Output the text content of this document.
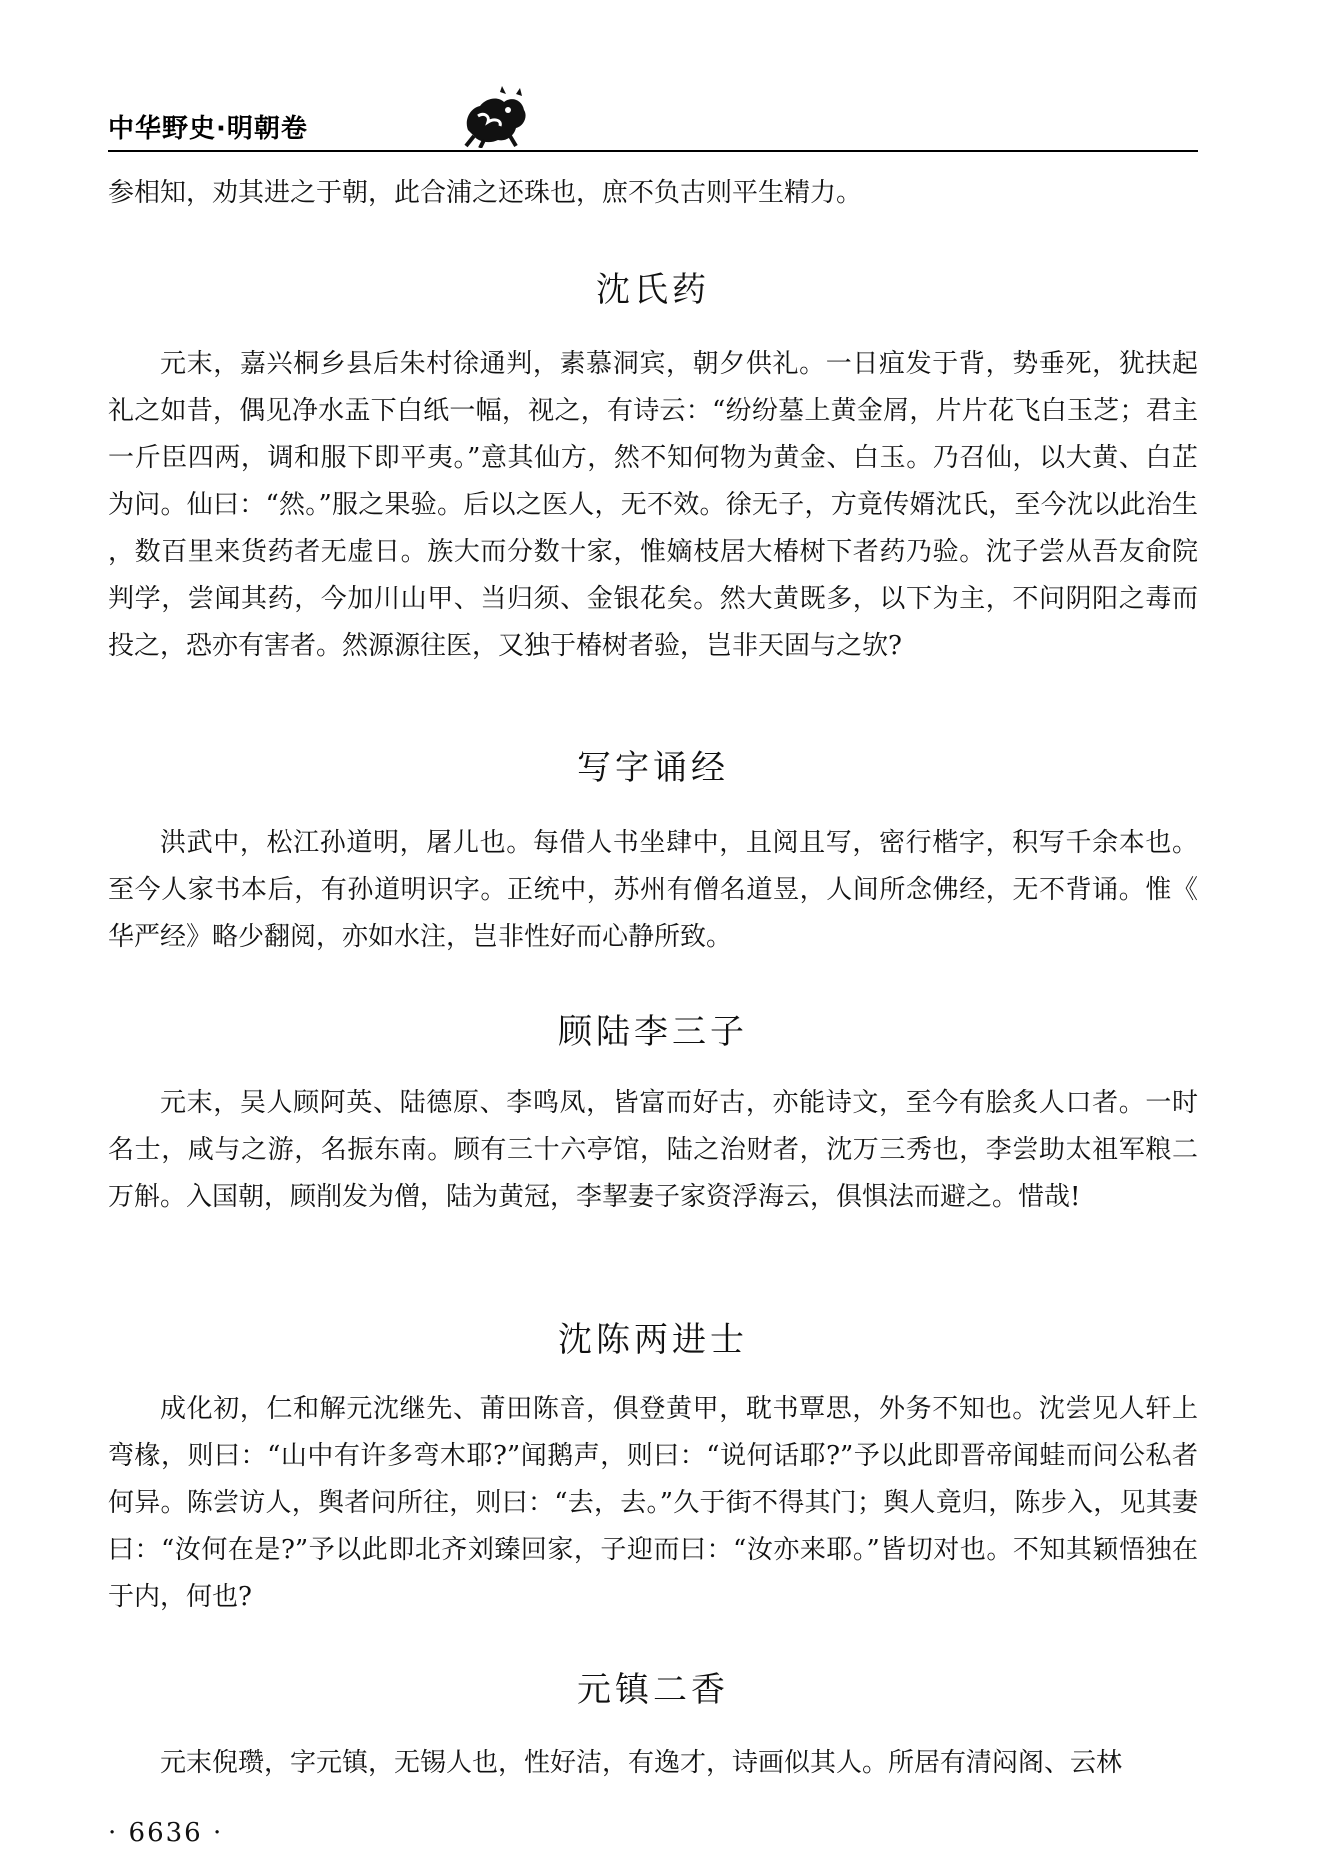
中华野史·明朝卷

参相知，劝其进之于朝，此合浦之还珠也，庶不负古则平生精力。

沈氏药

元末，嘉兴桐乡县后朱村徐通判，素慕洞宾，朝夕供礼。一日疽发于背，势垂死，犹扶起礼之如昔，偶见净水盂下白纸一幅，视之，有诗云：“纷纷墓上黄金屑，片片花飞白玉芝；君主一斤臣四两，调和服下即平夷。”意其仙方，然不知何物为黄金、白玉。乃召仙，以大黄、白芷为问。仙曰：“然。”服之果验。后以之医人，无不效。徐无子，方竟传婿沈氏，至今沈以此治生，数百里来货药者无虚日。族大而分数十家，惟嫡枝居大椿树下者药乃验。沈子尝从吾友俞院判学，尝闻其药，今加川山甲、当归须、金银花矣。然大黄既多，以下为主，不问阴阳之毒而投之，恐亦有害者。然源源往医，又独于椿树者验，岂非天固与之欤?

写字诵经

洪武中，松江孙道明，屠儿也。每借人书坐肆中，且阅且写，密行楷字，积写千余本也。至今人家书本后，有孙道明识字。正统中，苏州有僧名道昱，人间所念佛经，无不背诵。惟《华严经》略少翻阅，亦如水注，岂非性好而心静所致。

顾陆李三子

元末，吴人顾阿英、陆德原、李鸣凤，皆富而好古，亦能诗文，至今有脍炙人口者。一时名士，咸与之游，名振东南。顾有三十六亭馆，陆之治财者，沈万三秀也，李尝助太祖军粮二万斛。入国朝，顾削发为僧，陆为黄冠，李挈妻子家资浮海云，俱惧法而避之。惜哉!

沈陈两进士

成化初，仁和解元沈继先、莆田陈音，俱登黄甲，耽书覃思，外务不知也。沈尝见人轩上弯椽，则曰：“山中有许多弯木耶?”闻鹅声，则曰：“说何话耶?”予以此即晋帝闻蛙而问公私者何异。陈尝访人，舆者问所往，则曰：“去，去。”久于街不得其门；舆人竟归，陈步入，见其妻曰：“汝何在是?”予以此即北齐刘臻回家，子迎而曰：“汝亦来耶。”皆切对也。不知其颖悟独在于内，何也?

元镇二香

元末倪瓒，字元镇，无锡人也，性好洁，有逸才，诗画似其人。所居有清闷阁、云林

· 6636 ·
